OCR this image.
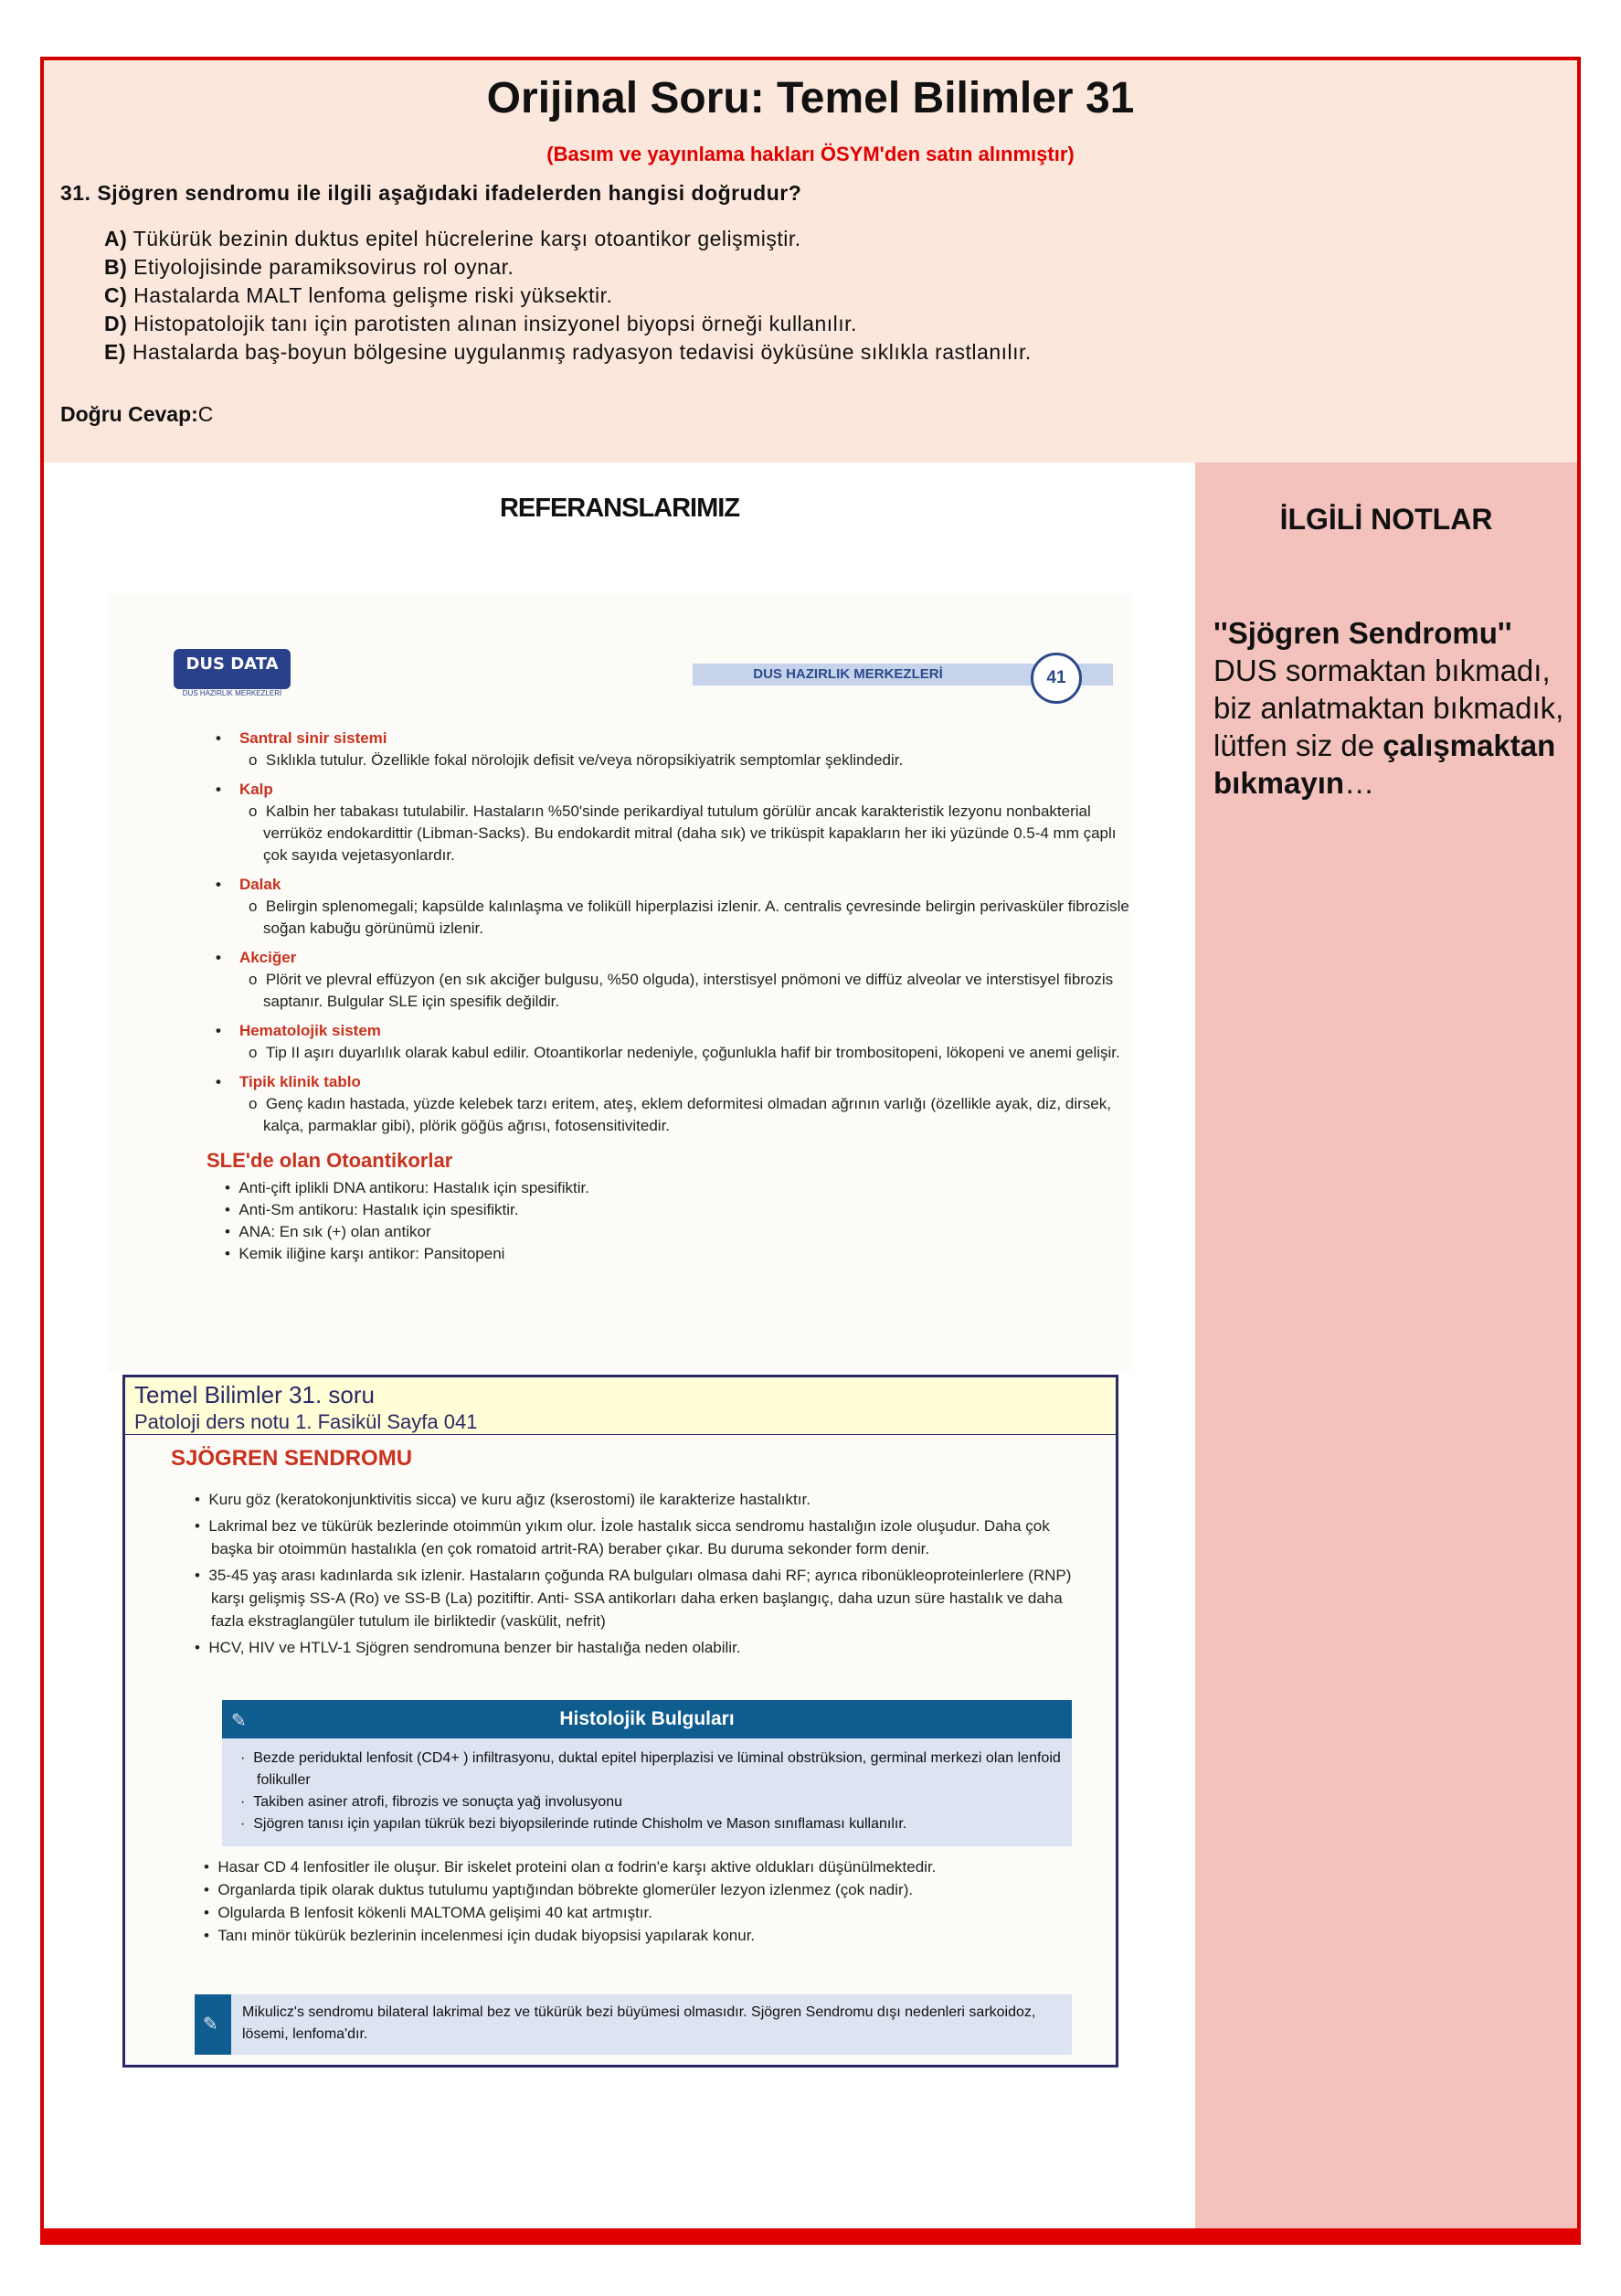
Orijinal Soru: Temel Bilimler 31
(Basım ve yayınlama hakları ÖSYM'den satın alınmıştır)
31. Sjögren sendromu ile ilgili aşağıdaki ifadelerden hangisi doğrudur?
A) Tükürük bezinin duktus epitel hücrelerine karşı otoantikor gelişmiştir.
B) Etiyolojisinde paramiksovirus rol oynar.
C) Hastalarda MALT lenfoma gelişme riski yüksektir.
D) Histopatolojik tanı için parotisten alınan insizyonel biyopsi örneği kullanılır.
E) Hastalarda baş-boyun bölgesine uygulanmış radyasyon tedavisi öyküsüne sıklıkla rastlanılır.
Doğru Cevap:C
REFERANSLARIMIZ
DUS DATA
DUS HAZIRLIK MERKEZLERİ
DUS HAZIRLIK MERKEZLERİ	41
• Santral sinir sistemi
o  Sıklıkla tutulur. Özellikle fokal nörolojik defisit ve/veya nöropsikiyatrik semptomlar şeklindedir.
• Kalp
o  Kalbin her tabakası tutulabilir. Hastaların %50'sinde perikardiyal tutulum görülür ancak karakteristik lezyonu nonbakterial verrüköz endokardittir (Libman-Sacks). Bu endokardit mitral (daha sık) ve triküspit kapakların her iki yüzünde 0.5-4 mm çaplı çok sayıda vejetasyonlardır.
• Dalak
o  Belirgin splenomegali; kapsülde kalınlaşma ve foliküll hiperplazisi izlenir. A. centralis çevresinde belirgin perivasküler fibrozisle soğan kabuğu görünümü izlenir.
• Akciğer
o  Plörit ve plevral effüzyon (en sık akciğer bulgusu, %50 olguda), interstisyel pnömoni ve diffüz alveolar ve interstisyel fibrozis saptanır. Bulgular SLE için spesifik değildir.
• Hematolojik sistem
o  Tip II aşırı duyarlılık olarak kabul edilir. Otoantikorlar nedeniyle, çoğunlukla hafif bir trombositopeni, lökopeni ve anemi gelişir.
• Tipik klinik tablo
o  Genç kadın hastada, yüzde kelebek tarzı eritem, ateş, eklem deformitesi olmadan ağrının varlığı (özellikle ayak, diz, dirsek, kalça, parmaklar gibi), plörik göğüs ağrısı, fotosensitivitedir.
SLE'de olan Otoantikorlar
•  Anti-çift iplikli DNA antikoru: Hastalık için spesifiktir.
•  Anti-Sm antikoru: Hastalık için spesifiktir.
•  ANA: En sık (+) olan antikor
•  Kemik iliğine karşı antikor: Pansitopeni
Temel Bilimler 31. soru
Patoloji ders notu 1. Fasikül Sayfa 041
SJÖGREN SENDROMU
•  Kuru göz (keratokonjunktivitis sicca) ve kuru ağız (kserostomi) ile karakterize hastalıktır.
•  Lakrimal bez ve tükürük bezlerinde otoimmün yıkım olur. İzole hastalık sicca sendromu hastalığın izole oluşudur. Daha çok başka bir otoimmün hastalıkla (en çok romatoid artrit-RA) beraber çıkar. Bu duruma sekonder form denir.
•  35-45 yaş arası kadınlarda sık izlenir. Hastaların çoğunda RA bulguları olmasa dahi RF; ayrıca ribonükleoproteinlerlere (RNP) karşı gelişmiş SS-A (Ro) ve SS-B (La) pozitiftir. Anti- SSA antikorları daha erken başlangıç, daha uzun süre hastalık ve daha fazla ekstraglangüler tutulum ile birliktedir (vaskülit, nefrit)
•  HCV, HIV ve HTLV-1 Sjögren sendromuna benzer bir hastalığa neden olabilir.
✎	Histolojik Bulguları
·  Bezde periduktal lenfosit (CD4+ ) infiltrasyonu, duktal epitel hiperplazisi ve lüminal obstrüksion, germinal merkezi olan lenfoid folikuller
·  Takiben asiner atrofi, fibrozis ve sonuçta yağ involusyonu
·  Sjögren tanısı için yapılan tükrük bezi biyopsilerinde rutinde Chisholm ve Mason sınıflaması kullanılır.
•  Hasar CD 4 lenfositler ile oluşur. Bir iskelet proteini olan α fodrin'e karşı aktive oldukları düşünülmektedir.
•  Organlarda tipik olarak duktus tutulumu yaptığından böbrekte glomerüler lezyon izlenmez (çok nadir).
•  Olgularda B lenfosit kökenli MALTOMA gelişimi 40 kat artmıştır.
•  Tanı minör tükürük bezlerinin incelenmesi için dudak biyopsisi yapılarak konur.
✎
Mikulicz's sendromu bilateral lakrimal bez ve tükürük bezi büyümesi olmasıdır. Sjögren Sendromu dışı nedenleri sarkoidoz, lösemi, lenfoma'dır.
İLGİLİ NOTLAR
''Sjögren Sendromu''
DUS sormaktan bıkmadı, biz anlatmaktan bıkmadık, lütfen siz de çalışmaktan bıkmayın…
